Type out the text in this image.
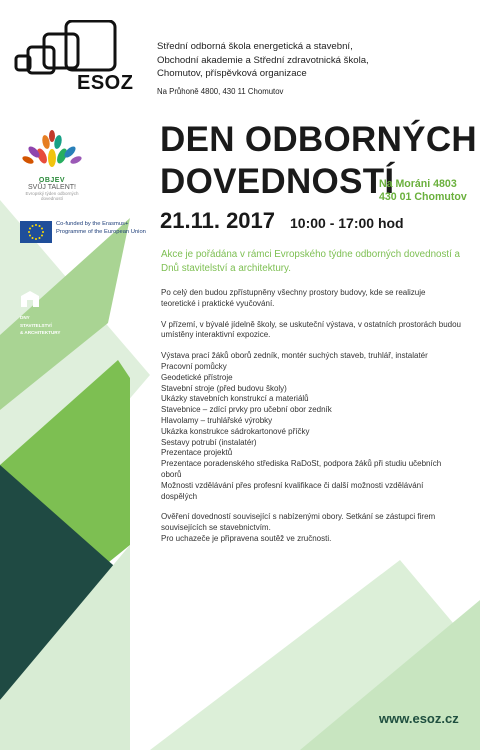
ESOZ
Střední odborná škola energetická a stavební,
Obchodní akademie a Střední zdravotnická škola,
Chomutov, příspěvková organizace
Na Průhoně 4800, 430 11 Chomutov
OBJEV
SVŮJ TALENT!
Evropský týden odborných dovedností
Co-funded by the Erasmus+ Programme of the European Union
DNY
STAVITELSTVÍ
& ARCHITEKTURY
DEN ODBORNÝCH
DOVEDNOSTÍ
Na Moráni 4803
430 01 Chomutov
21.11. 2017 10:00 - 17:00 hod
Akce je pořádána v rámci Evropského týdne odborných dovedností a Dnů stavitelství a architektury.

Po celý den budou zpřístupněny všechny prostory budovy, kde se realizuje teoretické i praktické vyučování.

V přízemí, v bývalé jídelně školy, se uskuteční výstava, v ostatních prostorách budou umístěny interaktivní expozice.

Výstava prací žáků oborů zedník, montér suchých staveb, truhlář, instalatér
Pracovní pomůcky
Geodetické přístroje
Stavební stroje (před budovu školy)
Ukázky stavebních konstrukcí a materiálů
Stavebnice – zdící prvky pro učební obor zedník
Hlavolamy – truhlářské výrobky
Ukázka konstrukce sádrokartonové příčky
Sestavy potrubí (instalatér)
Prezentace projektů
Prezentace poradenského střediska RaDoSt, podpora žáků při studiu učebních oborů
Možnosti vzdělávání přes profesní kvalifikace či další možnosti vzdělávání dospělých

Ověření dovedností související s nabízenými obory. Setkání se zástupci firem souvisejících se stavebnictvím.
Pro uchazeče je připravena soutěž ve zručnosti.

www.esoz.cz
